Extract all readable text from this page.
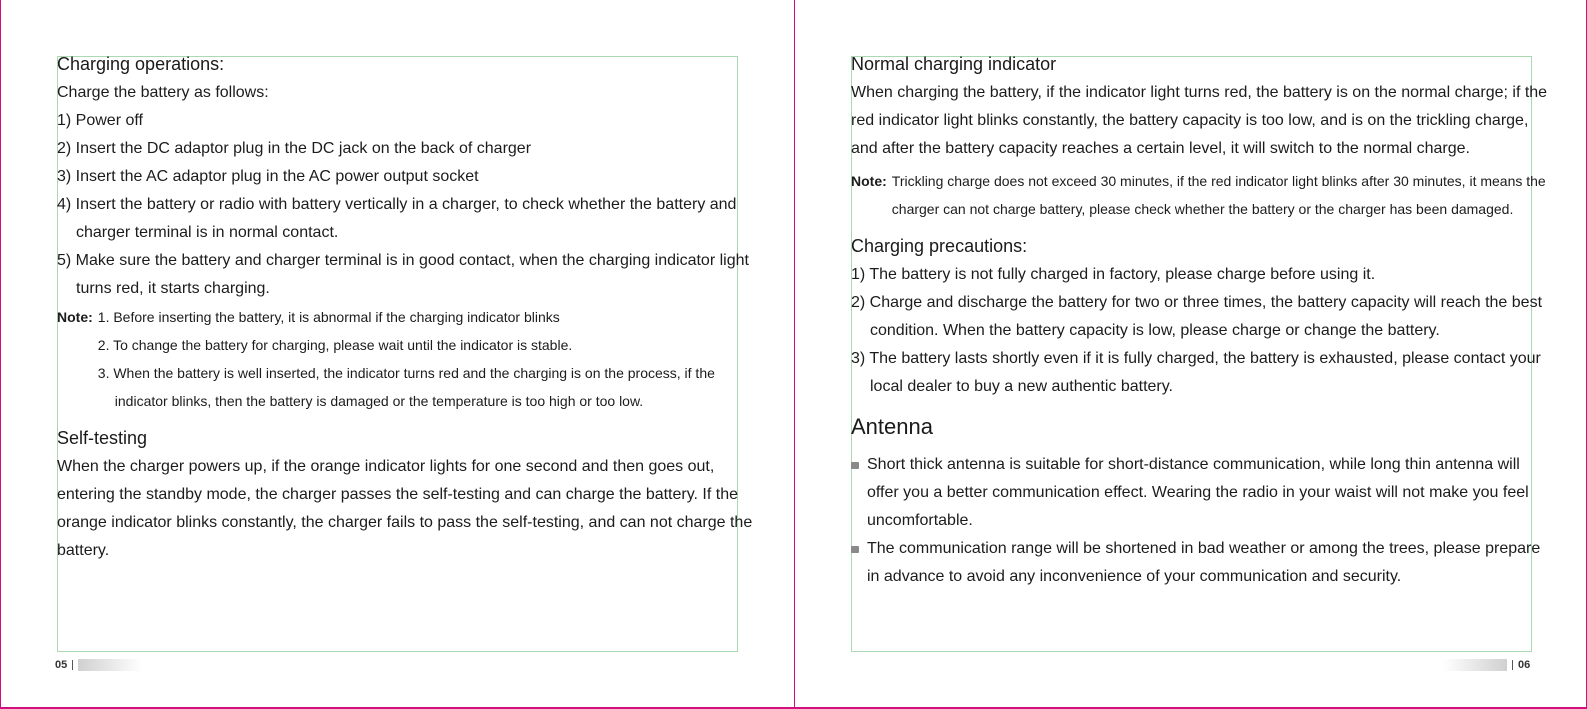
Charging operations:

Charge the battery as follows:

1) Power off

2) Insert the DC adaptor plug in the DC jack on the back of charger

3) Insert the AC adaptor plug in the AC power output socket

4) Insert the battery or radio with battery vertically in a charger, to check whether the battery and charger terminal is in normal contact.

5) Make sure the battery and charger terminal is in good contact, when the charging indicator light turns red, it starts charging.

Note: 1. Before inserting the battery, it is abnormal if the charging indicator blinks
2. To change the battery for charging, please wait until the indicator is stable.
3. When the battery is well inserted, the indicator turns red and the charging is on the process, if the indicator blinks, then the battery is damaged or the temperature is too high or too low.
Self-testing

When the charger powers up, if the orange indicator lights for one second and then goes out, entering the standby mode, the charger passes the self-testing and can charge the battery. If the orange indicator blinks constantly, the charger fails to pass the self-testing, and can not charge the battery.

Normal charging indicator

When charging the battery, if the indicator light turns red, the battery is on the normal charge; if the red indicator light blinks constantly, the battery capacity is too low, and is on the trickling charge, and after the battery capacity reaches a certain level, it will switch to the normal charge.

Note: Trickling charge does not exceed 30 minutes, if the red indicator light blinks after 30 minutes, it means the charger can not charge battery, please check whether the battery or the charger has been damaged.
Charging precautions:

1) The battery is not fully charged in factory, please charge before using it.

2) Charge and discharge the battery for two or three times, the battery capacity will reach the best condition. When the battery capacity is low, please charge or change the battery.

3) The battery lasts shortly even if it is fully charged, the battery is exhausted, please contact your local dealer to buy a new authentic battery.

Antenna
Short thick antenna is suitable for short-distance communication, while long thin antenna will offer you a better communication effect. Wearing the radio in your waist will not make you feel uncomfortable.
The communication range will be shortened in bad weather or among the trees, please prepare in advance to avoid any inconvenience of your communication and security.
05	06
